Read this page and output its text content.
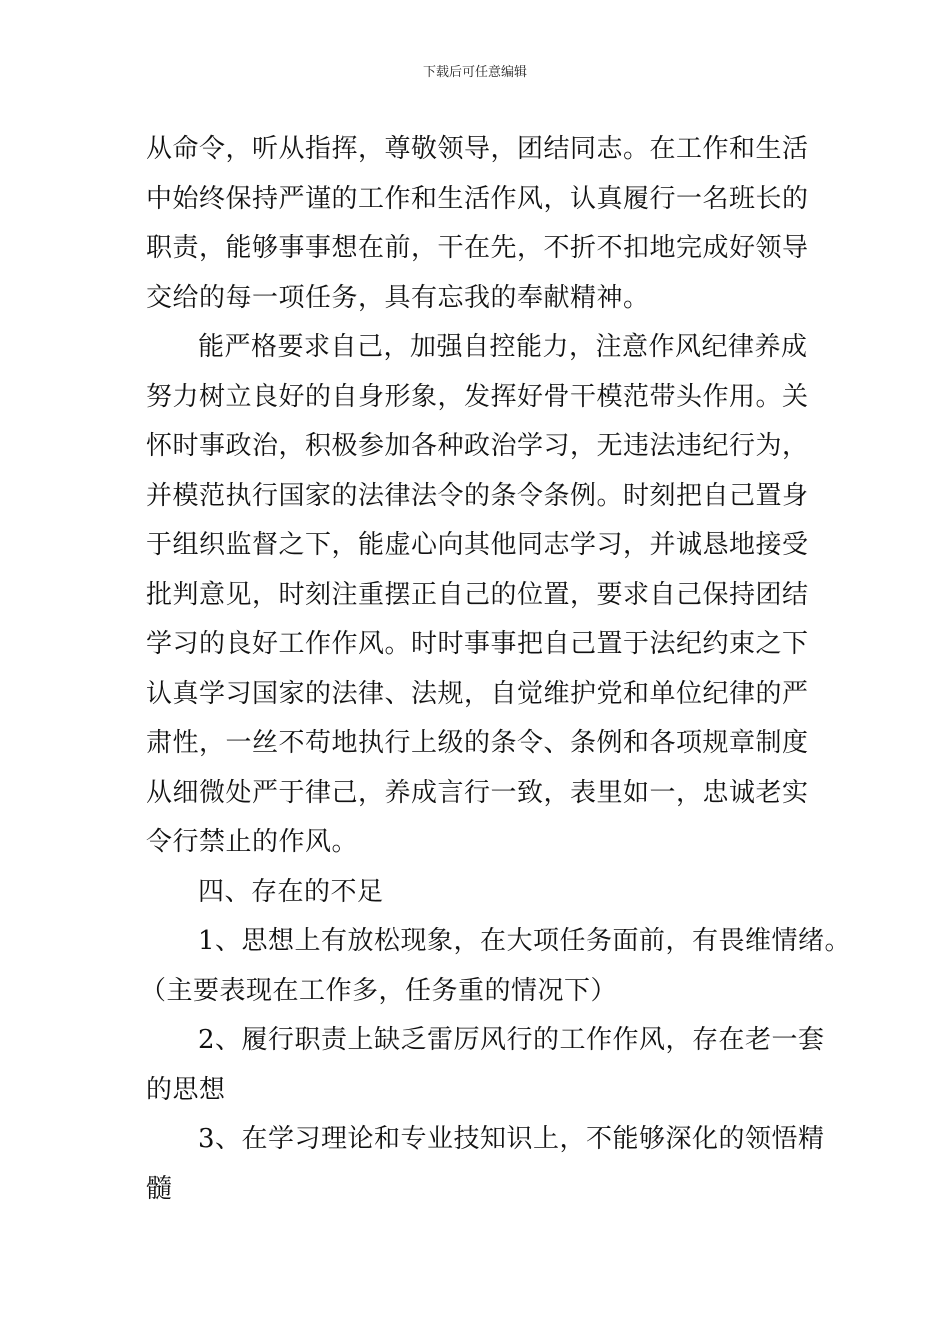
下载后可任意编辑
从命令，听从指挥，尊敬领导，团结同志。在工作和生活
中始终保持严谨的工作和生活作风，认真履行一名班长的
职责，能够事事想在前，干在先，不折不扣地完成好领导
交给的每一项任务，具有忘我的奉献精神。
能严格要求自己，加强自控能力，注意作风纪律养成
努力树立良好的自身形象，发挥好骨干模范带头作用。关
怀时事政治，积极参加各种政治学习，无违法违纪行为，
并模范执行国家的法律法令的条令条例。时刻把自己置身
于组织监督之下，能虚心向其他同志学习，并诚恳地接受
批判意见，时刻注重摆正自己的位置，要求自己保持团结
学习的良好工作作风。时时事事把自己置于法纪约束之下
认真学习国家的法律、法规，自觉维护党和单位纪律的严
肃性，一丝不苟地执行上级的条令、条例和各项规章制度
从细微处严于律己，养成言行一致，表里如一，忠诚老实
令行禁止的作风。
四、存在的不足
1、思想上有放松现象，在大项任务面前，有畏维情绪。
（主要表现在工作多，任务重的情况下）
2、履行职责上缺乏雷厉风行的工作作风，存在老一套
的思想
3、在学习理论和专业技知识上，不能够深化的领悟精
髓
